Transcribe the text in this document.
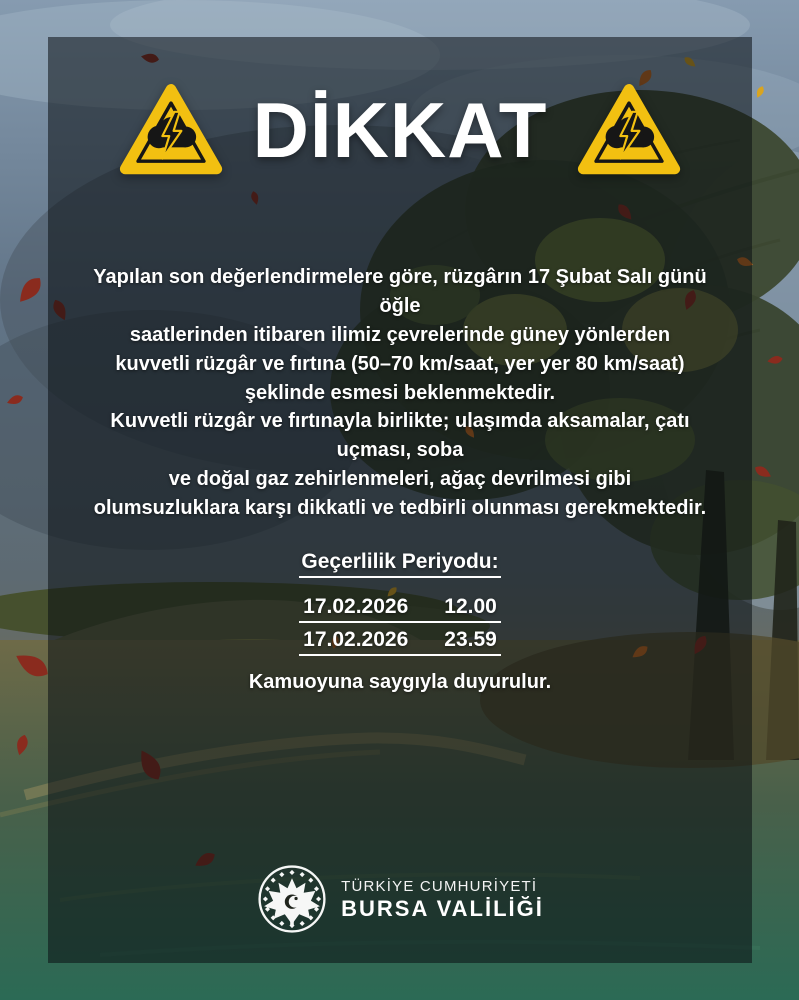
DİKKAT
Yapılan son değerlendirmelere göre, rüzgârın 17 Şubat Salı günü öğle
saatlerinden itibaren ilimiz çevrelerinde güney yönlerden
kuvvetli rüzgâr ve fırtına (50–70 km/saat, yer yer 80 km/saat)
şeklinde esmesi beklenmektedir.
Kuvvetli rüzgâr ve fırtınayla birlikte; ulaşımda aksamalar, çatı uçması, soba
ve doğal gaz zehirlenmeleri, ağaç devrilmesi gibi
olumsuzluklara karşı dikkatli ve tedbirli olunması gerekmektedir.
Geçerlilik Periyodu:
17.02.2026 12.00
17.02.2026 23.59
Kamuoyuna saygıyla duyurulur.
TÜRKİYE CUMHURİYETİ
BURSA VALİLİĞİ
